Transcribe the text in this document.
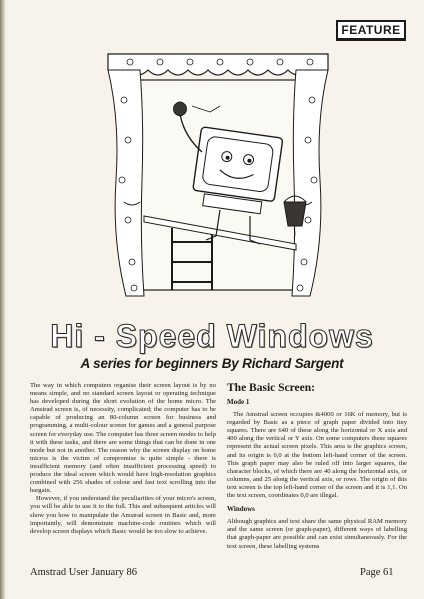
FEATURE
Hi - Speed Windows
A series for beginners By Richard Sargent

The way in which computers organise their screen layout is by no means simple, and no standard screen layout or operating technique has developed during the short evolution of the home micro. The Amstrad screen is, of necessity, complicated; the computer has to be capable of producing an 80-column screen for business and programming, a multi-colour screen for games and a general purpose screen for everyday use. The computer has three screen modes to help it with these tasks, and there are some things that can be done in one mode but not in another. The reason why the screen display on home micros is the victim of compromise is quite simple - there is insufficient memory (and often insufficient processing speed) to produce the ideal screen which would have high-resolution graphics combined with 256 shades of colour and fast text scrolling into the bargain.

However, if you understand the peculiarities of your micro's screen, you will be able to use it to the full. This and subsequent articles will show you how to manipulate the Amstrad screen in Basic and, more importantly, will demonstrate machine-code routines which will develop screen displays which Basic would be too slow to achieve.

The Basic Screen:
Mode 1

The Amstrad screen occupies &4000 or 16K of memory, but is regarded by Basic as a piece of graph paper divided into tiny squares. There are 640 of these along the horizontal or X axis and 400 along the vertical or Y axis. On some computers these squares represent the actual screen pixels. This area is the graphics screen, and its origin is 0,0 at the bottom left-hand corner of the screen. This graph paper may also be ruled off into larger squares, the character blocks, of which there are 40 along the horizontal axis, or columns, and 25 along the vertical axis, or rows. The origin of this text screen is the top left-hand corner of the screen and it is 1,1. On the text screen, coordinates 0,0 are illegal.

Windows

Although graphics and text share the same physical RAM memory and the same screen (or graph-paper), different ways of labelling that graph-paper are possible and can exist simultaneously. For the text screen, these labelling systems

Amstrad User January 86	Page 61
